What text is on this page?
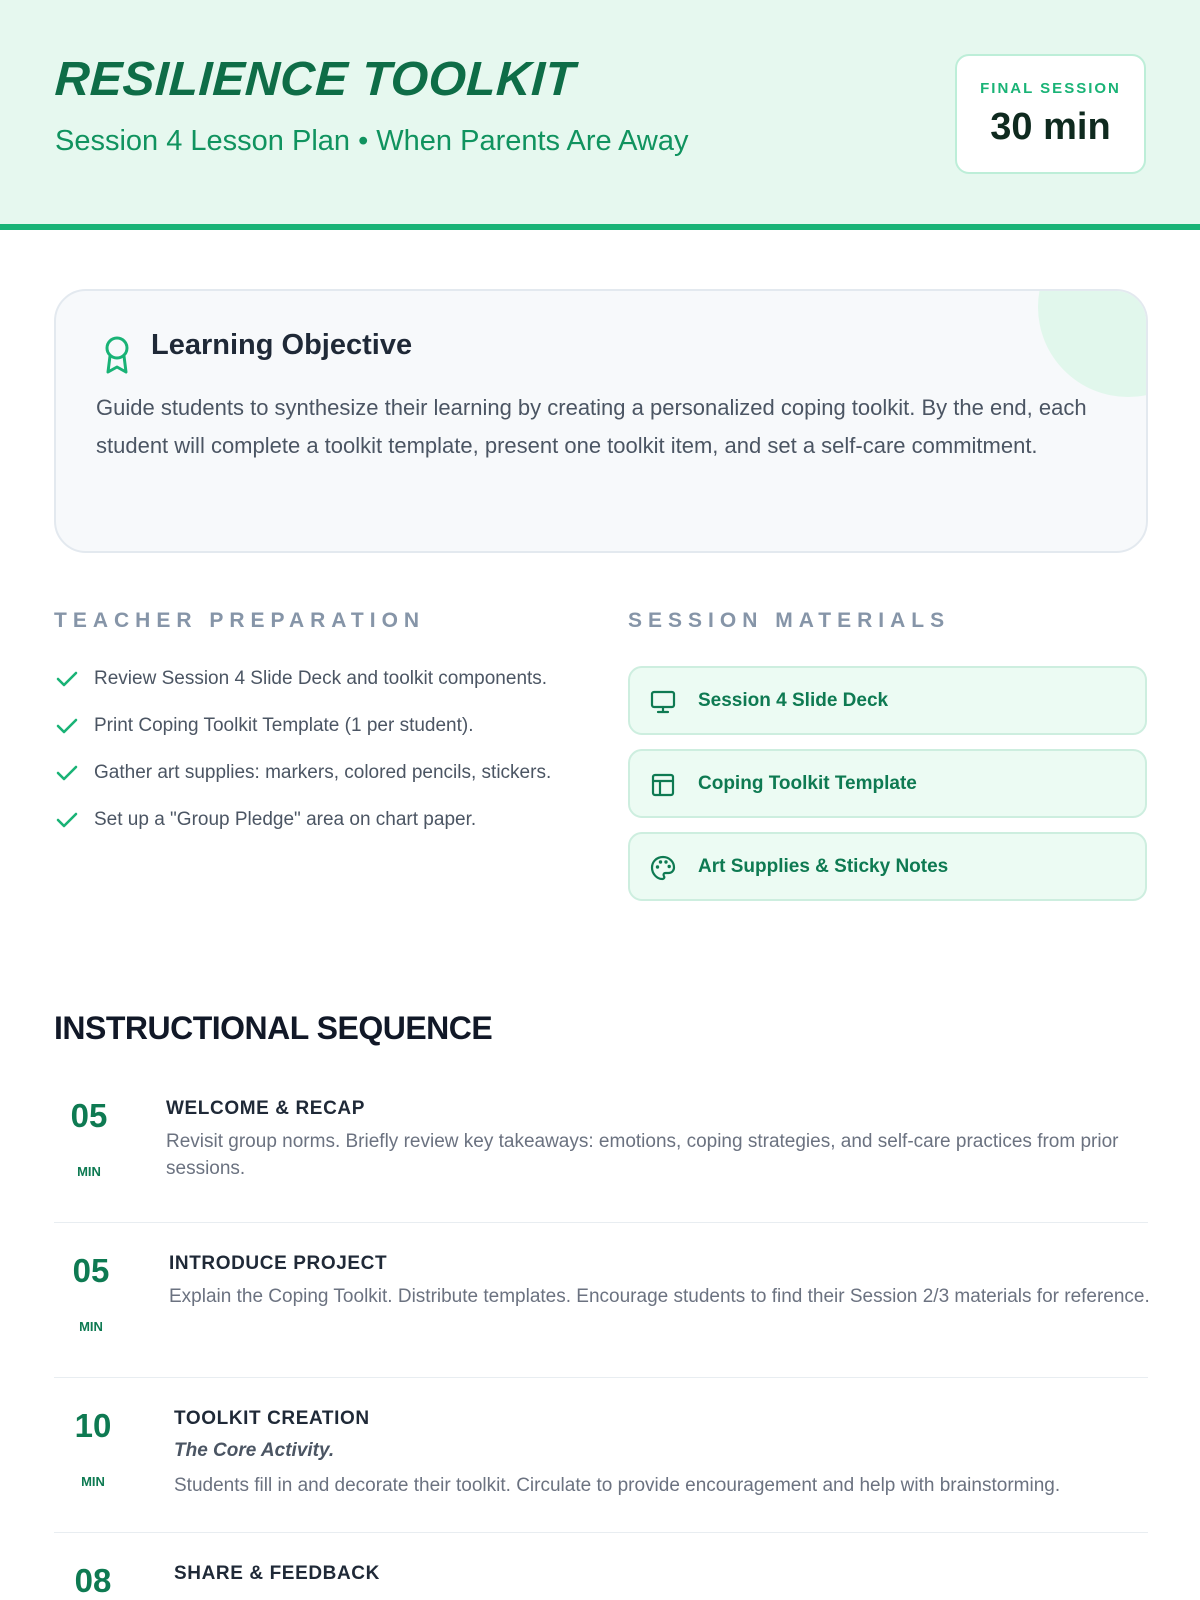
RESILIENCE TOOLKIT
Session 4 Lesson Plan • When Parents Are Away
FINAL SESSION
30 min
Learning Objective

Guide students to synthesize their learning by creating a personalized coping toolkit. By the end, each student will complete a toolkit template, present one toolkit item, and set a self-care commitment.

TEACHER PREPARATION
Review Session 4 Slide Deck and toolkit components.
Print Coping Toolkit Template (1 per student).
Gather art supplies: markers, colored pencils, stickers.
Set up a "Group Pledge" area on chart paper.
SESSION MATERIALS
Session 4 Slide Deck
Coping Toolkit Template
Art Supplies & Sticky Notes
INSTRUCTIONAL SEQUENCE
05
MIN
WELCOME & RECAP
Revisit group norms. Briefly review key takeaways: emotions, coping strategies, and self-care practices from prior sessions.
05
MIN
INTRODUCE PROJECT
Explain the Coping Toolkit. Distribute templates. Encourage students to find their Session 2/3 materials for reference.
10
MIN
TOOLKIT CREATION
The Core Activity.
Students fill in and decorate their toolkit. Circulate to provide encouragement and help with brainstorming.
08	SHARE & FEEDBACK
